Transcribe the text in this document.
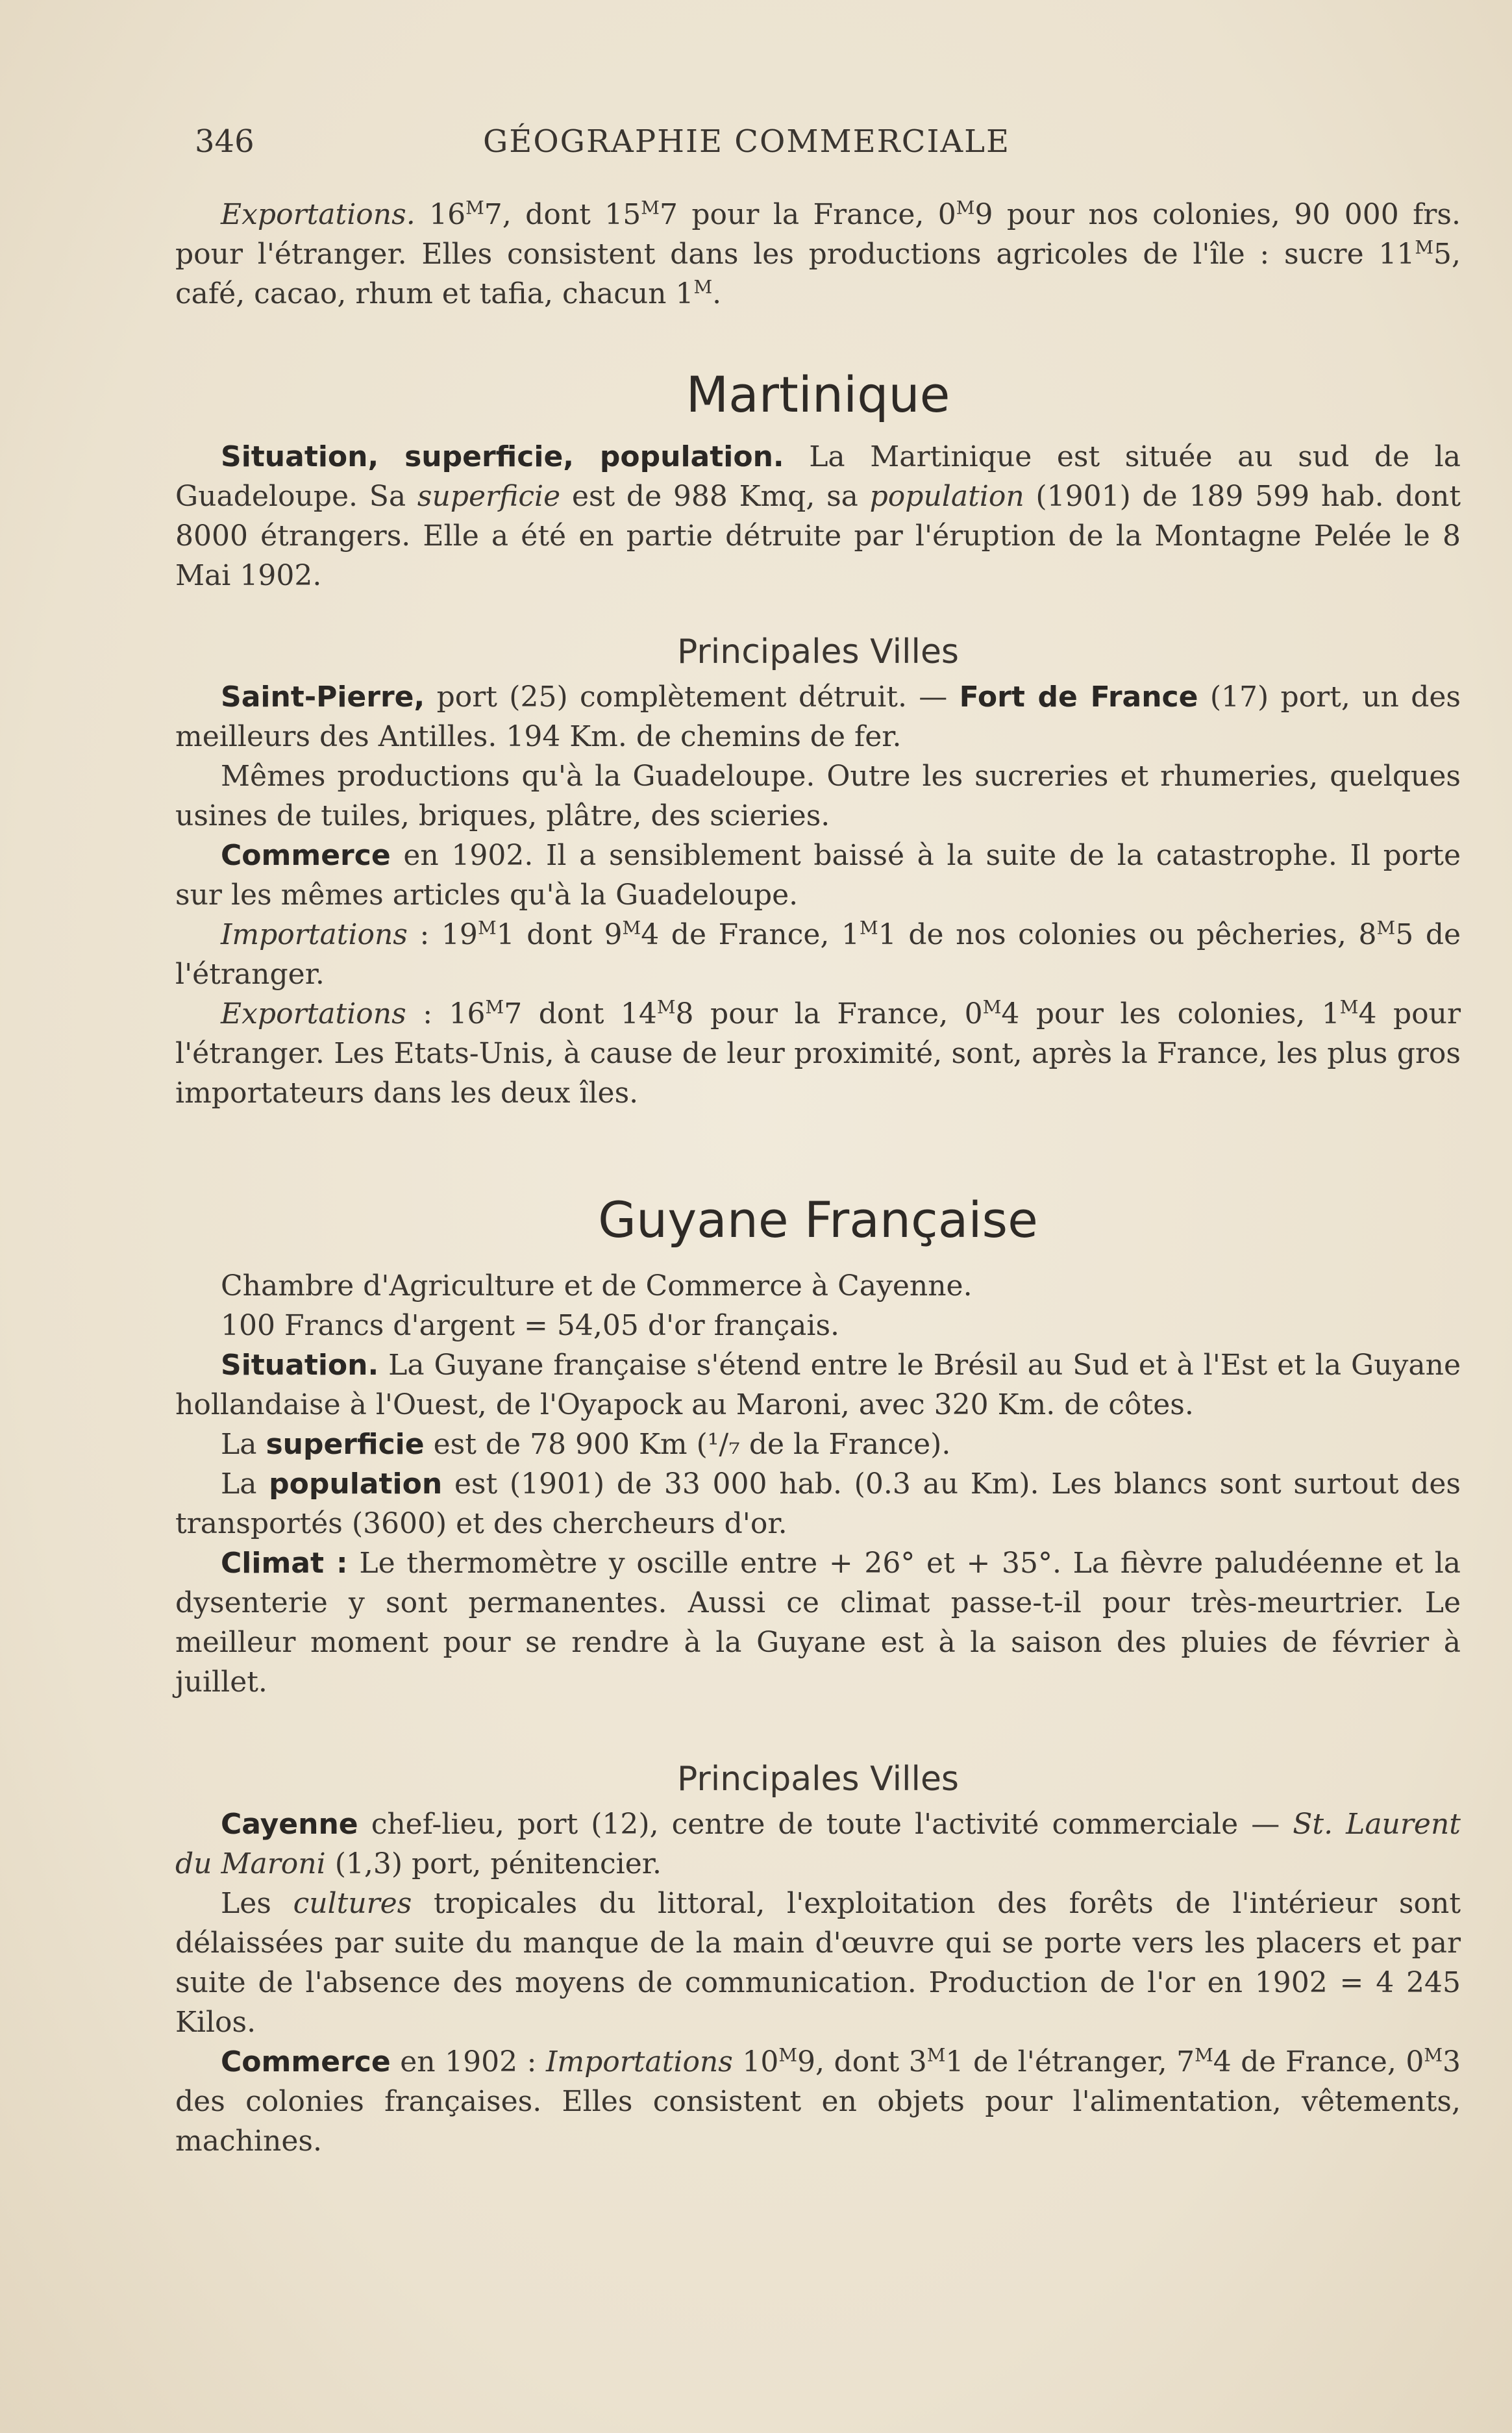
346	GÉOGRAPHIE COMMERCIALE

Exportations. $16^M7$, dont $15^M7$ pour la France, $0^M9$ pour nos colonies, 90 000 frs. pour l'étranger. Elles consistent dans les productions agricoles de l'île : sucre $11^M5$, café, cacao, rhum et tafia, chacun $1^M$.

Martinique

Situation, superficie, population. La Martinique est située au sud de la Guadeloupe. Sa superficie est de 988 Kmq, sa population (1901) de 189 599 hab. dont 8000 étrangers. Elle a été en partie détruite par l'éruption de la Montagne Pelée le 8 Mai 1902.

Principales Villes

Saint-Pierre, port (25) complètement détruit. — Fort de France (17) port, un des meilleurs des Antilles. 194 Km. de chemins de fer.

Mêmes productions qu'à la Guadeloupe. Outre les sucreries et rhumeries, quelques usines de tuiles, briques, plâtre, des scieries.

Commerce en 1902. Il a sensiblement baissé à la suite de la catastrophe. Il porte sur les mêmes articles qu'à la Guadeloupe.

Importations : $19^M1$ dont $9^M4$ de France, $1^M1$ de nos colonies ou pêcheries, $8^M5$ de l'étranger.

Exportations : $16^M7$ dont $14^M8$ pour la France, $0^M4$ pour les colonies, $1^M4$ pour l'étranger. Les Etats-Unis, à cause de leur proximité, sont, après la France, les plus gros importateurs dans les deux îles.

Guyane Française

Chambre d'Agriculture et de Commerce à Cayenne.

100 Francs d'argent = 54,05 d'or français.

Situation. La Guyane française s'étend entre le Brésil au Sud et à l'Est et la Guyane hollandaise à l'Ouest, de l'Oyapock au Maroni, avec 320 Km. de côtes.

La superficie est de 78 900 Km (¹/₇ de la France).

La population est (1901) de 33 000 hab. (0.3 au Km). Les blancs sont surtout des transportés (3600) et des chercheurs d'or.

Climat : Le thermomètre y oscille entre + 26° et + 35°. La fièvre paludéenne et la dysenterie y sont permanentes. Aussi ce climat passe-t-il pour très-meurtrier. Le meilleur moment pour se rendre à la Guyane est à la saison des pluies de février à juillet.

Principales Villes

Cayenne chef-lieu, port (12), centre de toute l'activité commerciale — St. Laurent du Maroni (1,3) port, pénitencier.

Les cultures tropicales du littoral, l'exploitation des forêts de l'intérieur sont délaissées par suite du manque de la main d'œuvre qui se porte vers les placers et par suite de l'absence des moyens de communication. Production de l'or en 1902 = 4 245 Kilos.

Commerce en 1902 : Importations $10^M9$, dont $3^M1$ de l'étranger, $7^M4$ de France, $0^M3$ des colonies françaises. Elles consistent en objets pour l'alimentation, vêtements, machines.
